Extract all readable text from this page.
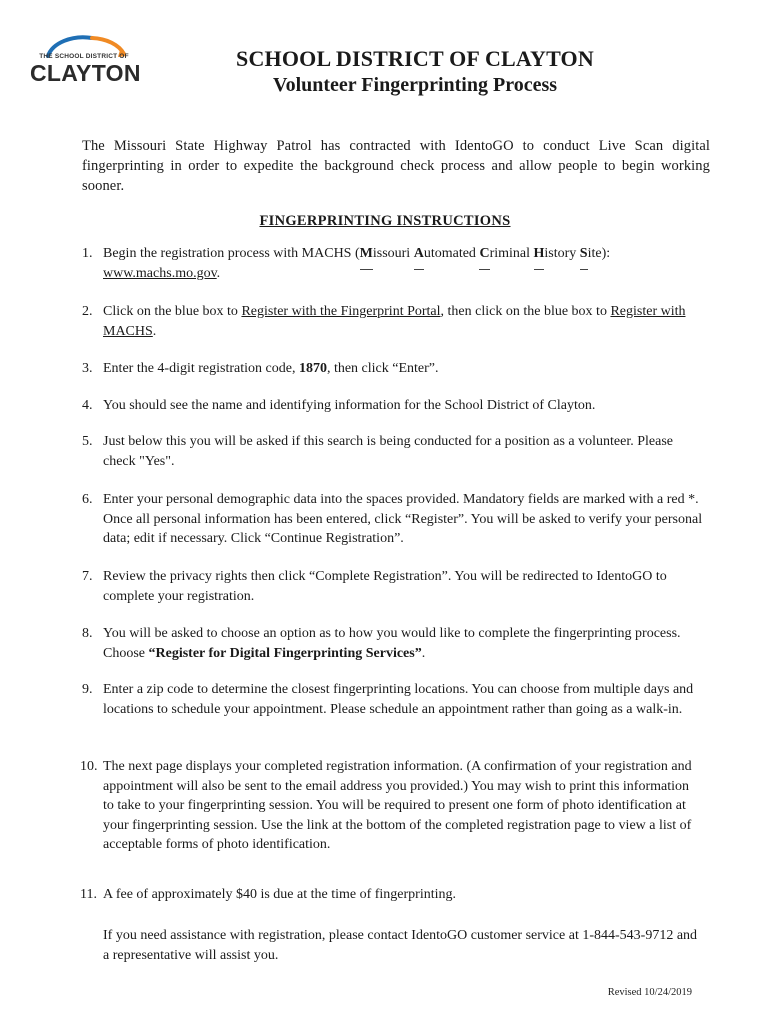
THE SCHOOL DISTRICT OF
CLAYTON

SCHOOL DISTRICT OF CLAYTON

Volunteer Fingerprinting Process

The Missouri State Highway Patrol has contracted with IdentoGO to conduct Live Scan digital fingerprinting in order to expedite the background check process and allow people to begin working sooner.
FINGERPRINTING INSTRUCTIONS
1. Begin the registration process with MACHS (Missouri Automated Criminal History Site):
www.machs.mo.gov.
2. Click on the blue box to Register with the Fingerprint Portal, then click on the blue box to Register with MACHS.
3. Enter the 4-digit registration code, 1870, then click “Enter”.
4. You should see the name and identifying information for the School District of Clayton.
5. Just below this you will be asked if this search is being conducted for a position as a volunteer. Please check "Yes".
6. Enter your personal demographic data into the spaces provided. Mandatory fields are marked with a red *. Once all personal information has been entered, click “Register”. You will be asked to verify your personal data; edit if necessary. Click “Continue Registration”.
7. Review the privacy rights then click “Complete Registration”. You will be redirected to IdentoGO to complete your registration.
8. You will be asked to choose an option as to how you would like to complete the fingerprinting process. Choose “Register for Digital Fingerprinting Services”.
9. Enter a zip code to determine the closest fingerprinting locations. You can choose from multiple days and locations to schedule your appointment. Please schedule an appointment rather than going as a walk-in.
10. The next page displays your completed registration information. (A confirmation of your registration and appointment will also be sent to the email address you provided.) You may wish to print this information to take to your fingerprinting session. You will be required to present one form of photo identification at your fingerprinting session. Use the link at the bottom of the completed registration page to view a list of acceptable forms of photo identification.
11. A fee of approximately $40 is due at the time of fingerprinting.
If you need assistance with registration, please contact IdentoGO customer service at 1-844-543-9712 and a representative will assist you.
Revised 10/24/2019
